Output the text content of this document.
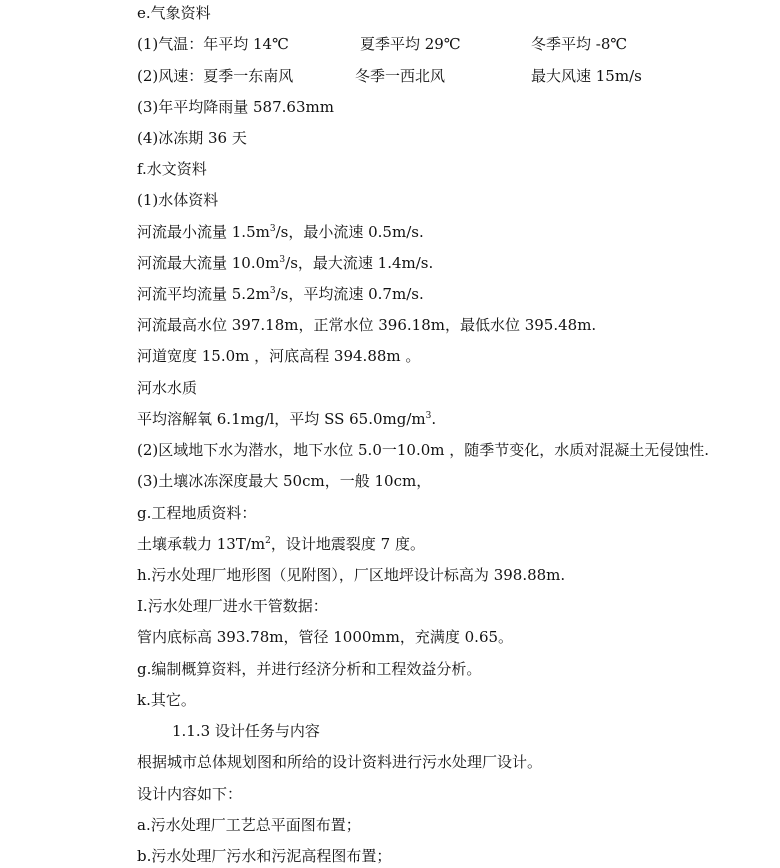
e.气象资料
(1)气温：年平均 14℃	夏季平均 29℃	冬季平均 -8℃
(2)风速：夏季一东南风	冬季一西北风	最大风速 15m/s
(3)年平均降雨量 587.63mm
(4)冰冻期 36 天
f.水文资料
(1)水体资料
河流最小流量 $1.5m^3/s$，最小流速 0.5m/s.
河流最大流量 $10.0m^3/s$，最大流速 1.4m/s.
河流平均流量 $5.2m^3/s$，平均流速 0.7m/s.
河流最高水位 397.18m，正常水位 396.18m，最低水位 395.48m.
河道宽度 15.0m ，河底高程 394.88m 。
河水水质
平均溶解氧 6.1mg/l，平均 SS $65.0mg/m^3$.
(2)区域地下水为潜水，地下水位 5.0一10.0m ，随季节变化，水质对混凝土无侵蚀性.
(3)土壤冰冻深度最大 50cm，一般 10cm，
g.工程地质资料：
土壤承载力 $13T/m^2$，设计地震裂度 7 度。
h.污水处理厂地形图（见附图），厂区地坪设计标高为 398.88m.
I.污水处理厂进水干管数据：
管内底标高 393.78m，管径 1000mm，充满度 0.65。
g.编制概算资料，并进行经济分析和工程效益分析。
k.其它。
1.1.3 设计任务与内容
根据城市总体规划图和所给的设计资料进行污水处理厂设计。
设计内容如下：
a.污水处理厂工艺总平面图布置；
b.污水处理厂污水和污泥高程图布置；
